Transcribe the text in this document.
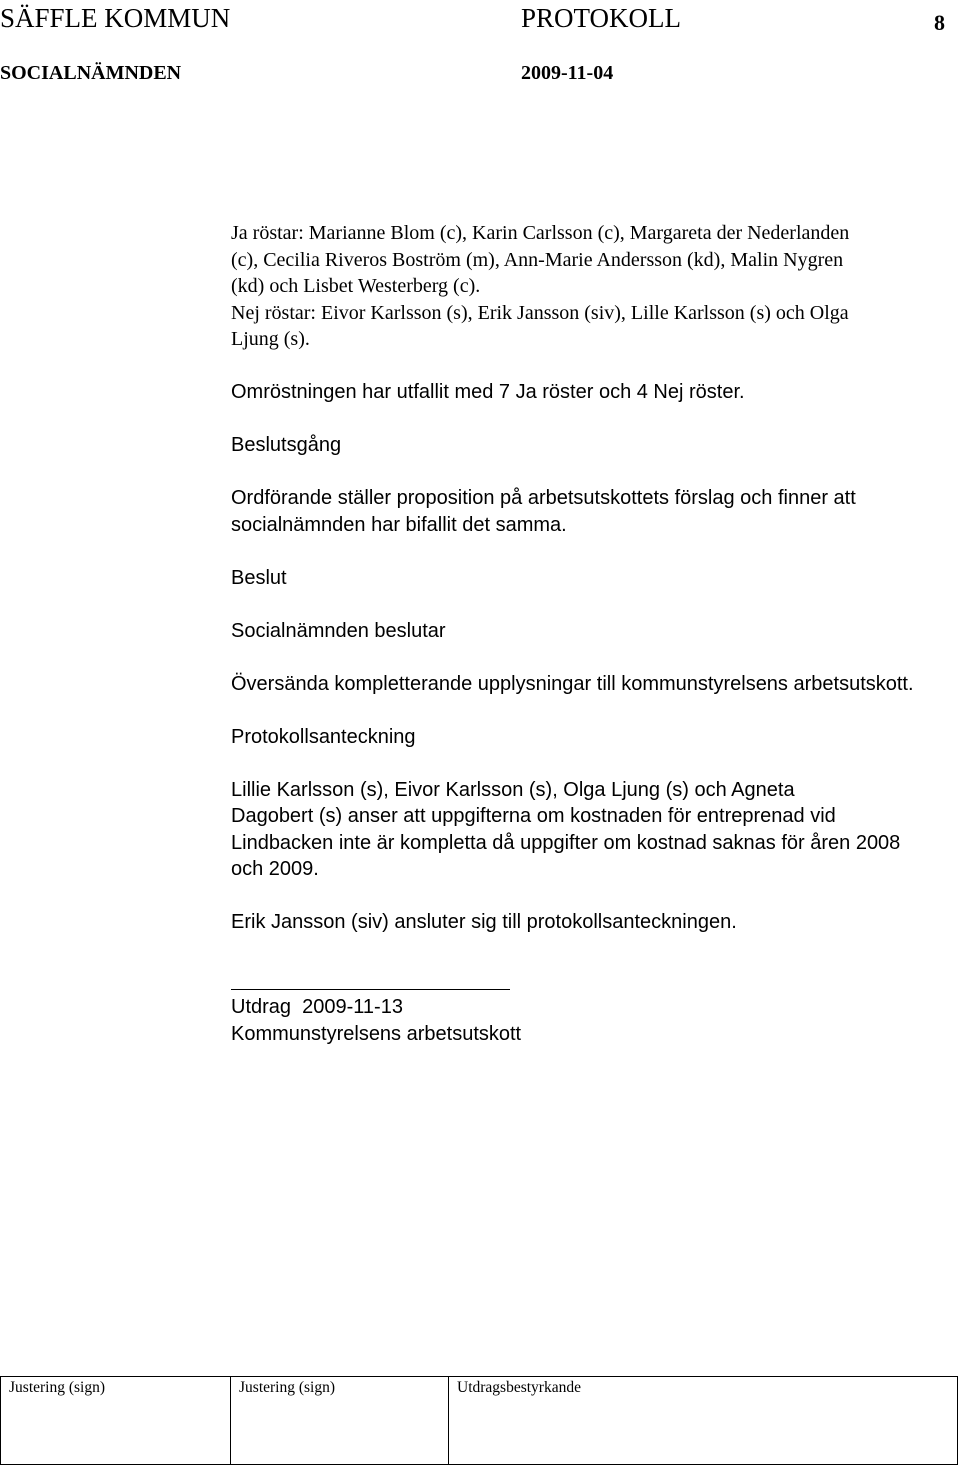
SÄFFLE KOMMUN	PROTOKOLL	8
SOCIALNÄMNDEN	2009-11-04

Ja röstar: Marianne Blom (c), Karin Carlsson (c), Margareta der Nederlanden

(c), Cecilia Riveros Boström (m), Ann-Marie Andersson (kd), Malin Nygren

(kd) och Lisbet Westerberg (c).

Nej röstar: Eivor Karlsson (s), Erik Jansson (siv), Lille Karlsson (s) och Olga

Ljung (s).

Omröstningen har utfallit med 7 Ja röster och 4 Nej röster.

Beslutsgång

Ordförande ställer proposition på arbetsutskottets förslag och finner att

socialnämnden har bifallit det samma.

Beslut

Socialnämnden beslutar

Översända kompletterande upplysningar till kommunstyrelsens arbetsutskott.

Protokollsanteckning

Lillie Karlsson (s), Eivor Karlsson (s), Olga Ljung (s) och Agneta

Dagobert (s) anser att uppgifterna om kostnaden för entreprenad vid

Lindbacken inte är kompletta då uppgifter om kostnad saknas för åren 2008

och 2009.

Erik Jansson (siv) ansluter sig till protokollsanteckningen.

Utdrag  2009-11-13
Kommunstyrelsens arbetsutskott
Justering (sign)	Justering (sign)	Utdragsbestyrkande
